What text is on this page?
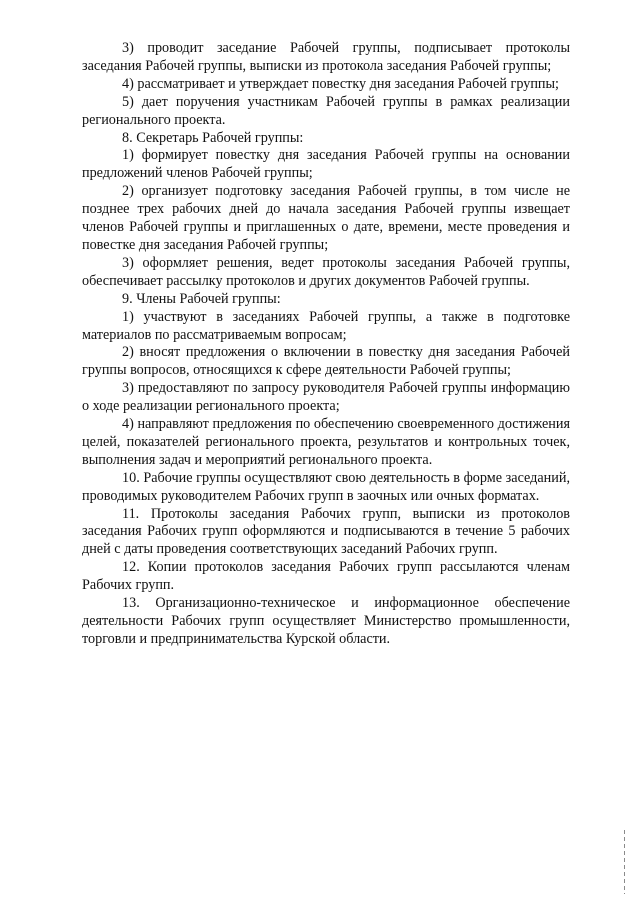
3) проводит заседание Рабочей группы, подписывает протоколы заседания Рабочей группы, выписки из протокола заседания Рабочей группы;

4) рассматривает и утверждает повестку дня заседания Рабочей группы;

5) дает поручения участникам Рабочей группы в рамках реализации регионального проекта.

8. Секретарь Рабочей группы:

1) формирует повестку дня заседания Рабочей группы на основании предложений членов Рабочей группы;

2) организует подготовку заседания Рабочей группы, в том числе не позднее трех рабочих дней до начала заседания Рабочей группы извещает членов Рабочей группы и приглашенных о дате, времени, месте проведения и повестке дня заседания Рабочей группы;

3) оформляет решения, ведет протоколы заседания Рабочей группы, обеспечивает рассылку протоколов и других документов Рабочей группы.

9. Члены Рабочей группы:

1) участвуют в заседаниях Рабочей группы, а также в подготовке материалов по рассматриваемым вопросам;

2) вносят предложения о включении в повестку дня заседания Рабочей группы вопросов, относящихся к сфере деятельности Рабочей группы;

3) предоставляют по запросу руководителя Рабочей группы информацию о ходе реализации регионального проекта;

4) направляют предложения по обеспечению своевременного достижения целей, показателей регионального проекта, результатов и контрольных точек, выполнения задач и мероприятий регионального проекта.

10. Рабочие группы осуществляют свою деятельность в форме заседаний, проводимых руководителем Рабочих групп в заочных или очных форматах.

11. Протоколы заседания Рабочих групп, выписки из протоколов заседания Рабочих групп оформляются и подписываются в течение 5 рабочих дней с даты проведения соответствующих заседаний Рабочих групп.

12. Копии протоколов заседания Рабочих групп рассылаются членам Рабочих групп.

13. Организационно-техническое и информационное обеспечение деятельности Рабочих групп осуществляет Министерство промышленности, торговли и предпринимательства Курской области.
